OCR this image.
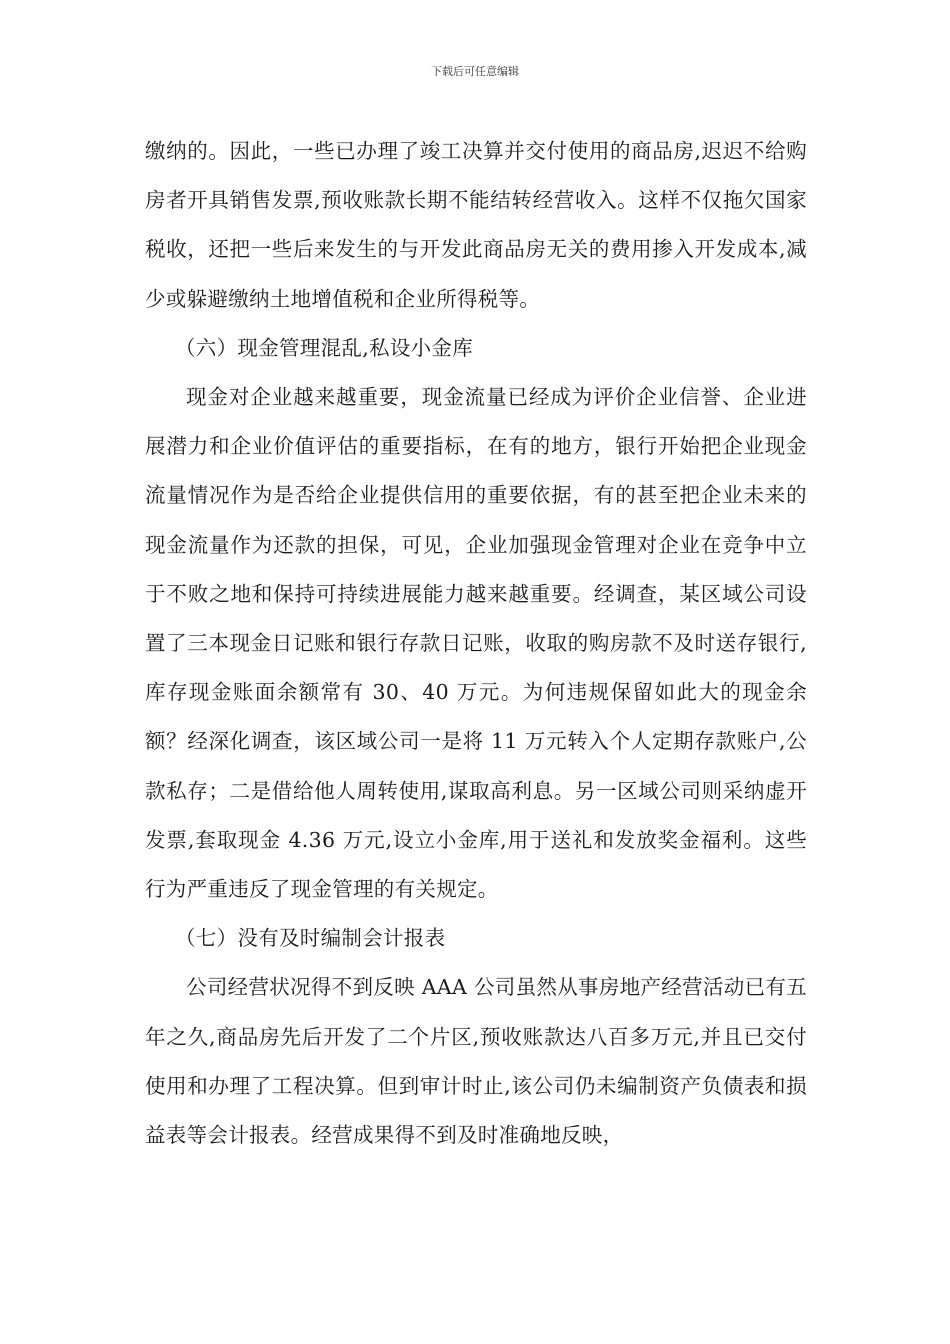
下载后可任意编辑

缴纳的。因此，一些已办理了竣工决算并交付使用的商品房,迟迟不给购房者开具销售发票,预收账款长期不能结转经营收入。这样不仅拖欠国家税收，还把一些后来发生的与开发此商品房无关的费用掺入开发成本,减少或躲避缴纳土地增值税和企业所得税等。

（六）现金管理混乱,私设小金库

现金对企业越来越重要，现金流量已经成为评价企业信誉、企业进展潜力和企业价值评估的重要指标，在有的地方，银行开始把企业现金流量情况作为是否给企业提供信用的重要依据，有的甚至把企业未来的现金流量作为还款的担保，可见，企业加强现金管理对企业在竞争中立于不败之地和保持可持续进展能力越来越重要。经调查，某区域公司设置了三本现金日记账和银行存款日记账，收取的购房款不及时送存银行,库存现金账面余额常有 30、40 万元。为何违规保留如此大的现金余额？经深化调查，该区域公司一是将 11 万元转入个人定期存款账户,公款私存；二是借给他人周转使用,谋取高利息。另一区域公司则采纳虚开发票,套取现金 4.36 万元,设立小金库,用于送礼和发放奖金福利。这些行为严重违反了现金管理的有关规定。

（七）没有及时编制会计报表

公司经营状况得不到反映 AAA 公司虽然从事房地产经营活动已有五年之久,商品房先后开发了二个片区,预收账款达八百多万元,并且已交付使用和办理了工程决算。但到审计时止,该公司仍未编制资产负债表和损益表等会计报表。经营成果得不到及时准确地反映，
